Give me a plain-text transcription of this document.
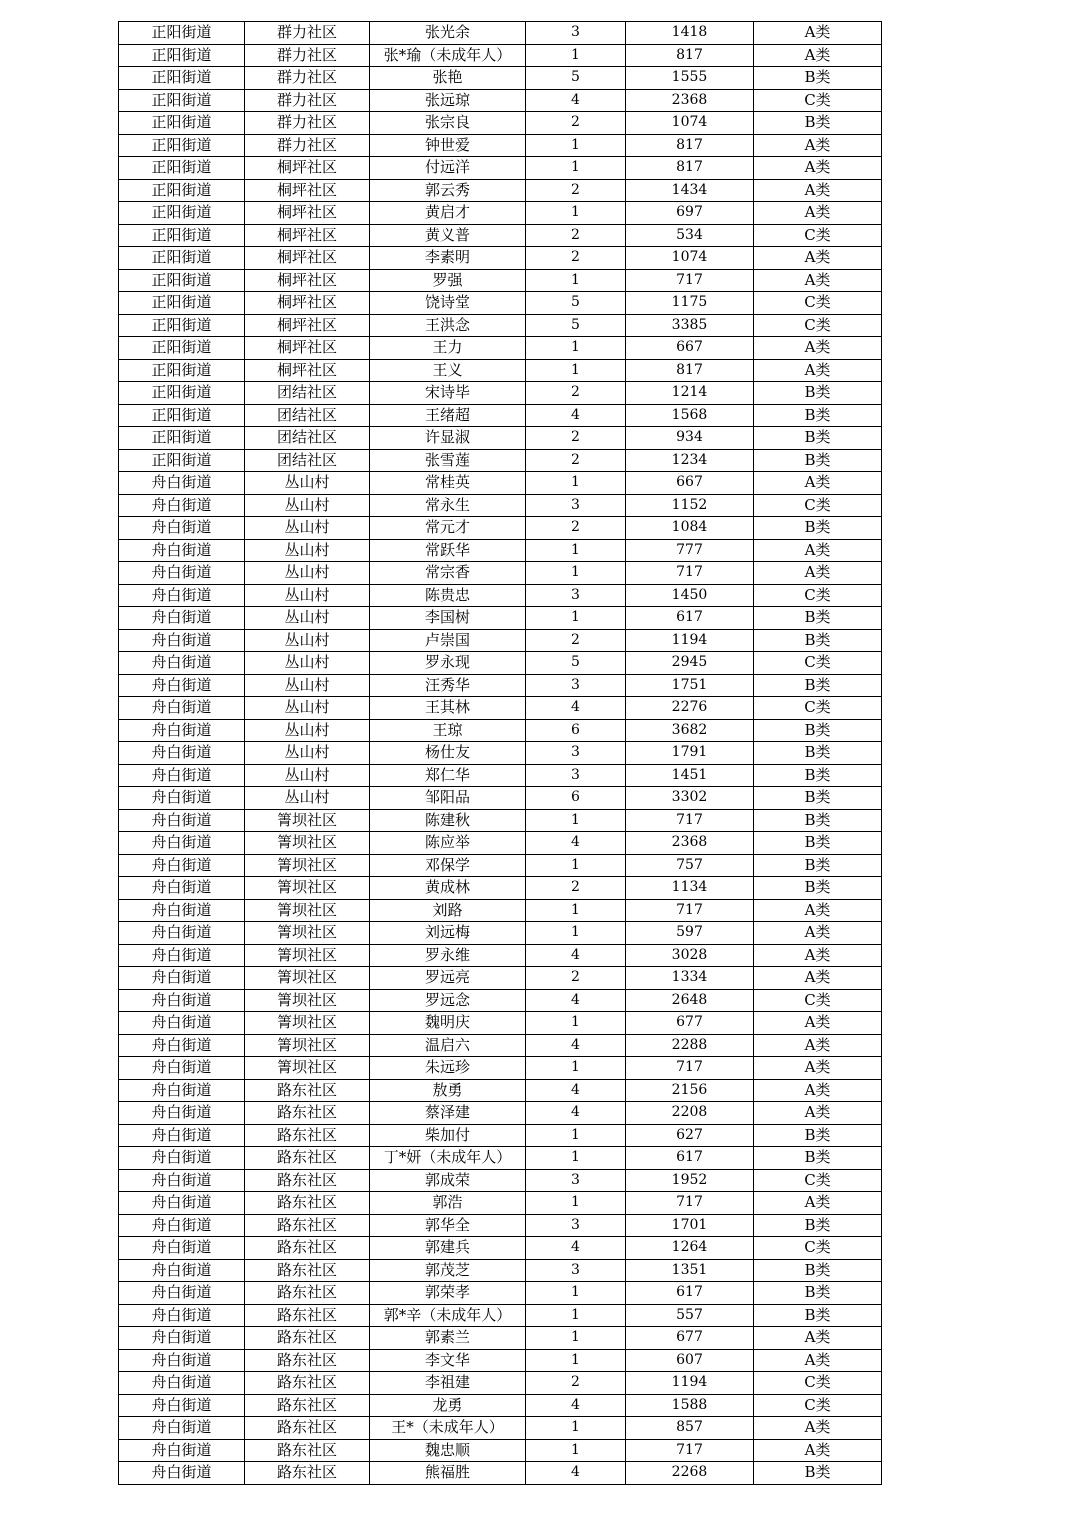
正阳街道	群力社区	张光余	3	1418	A类
正阳街道	群力社区	张*瑜（未成年人）	1	817	A类
正阳街道	群力社区	张艳	5	1555	B类
正阳街道	群力社区	张远琼	4	2368	C类
正阳街道	群力社区	张宗良	2	1074	B类
正阳街道	群力社区	钟世爱	1	817	A类
正阳街道	桐坪社区	付远洋	1	817	A类
正阳街道	桐坪社区	郭云秀	2	1434	A类
正阳街道	桐坪社区	黄启才	1	697	A类
正阳街道	桐坪社区	黄义普	2	534	C类
正阳街道	桐坪社区	李素明	2	1074	A类
正阳街道	桐坪社区	罗强	1	717	A类
正阳街道	桐坪社区	饶诗堂	5	1175	C类
正阳街道	桐坪社区	王洪念	5	3385	C类
正阳街道	桐坪社区	王力	1	667	A类
正阳街道	桐坪社区	王义	1	817	A类
正阳街道	团结社区	宋诗毕	2	1214	B类
正阳街道	团结社区	王绪超	4	1568	B类
正阳街道	团结社区	许显淑	2	934	B类
正阳街道	团结社区	张雪莲	2	1234	B类
舟白街道	丛山村	常桂英	1	667	A类
舟白街道	丛山村	常永生	3	1152	C类
舟白街道	丛山村	常元才	2	1084	B类
舟白街道	丛山村	常跃华	1	777	A类
舟白街道	丛山村	常宗香	1	717	A类
舟白街道	丛山村	陈贵忠	3	1450	C类
舟白街道	丛山村	李国树	1	617	B类
舟白街道	丛山村	卢崇国	2	1194	B类
舟白街道	丛山村	罗永现	5	2945	C类
舟白街道	丛山村	汪秀华	3	1751	B类
舟白街道	丛山村	王其林	4	2276	C类
舟白街道	丛山村	王琼	6	3682	B类
舟白街道	丛山村	杨仕友	3	1791	B类
舟白街道	丛山村	郑仁华	3	1451	B类
舟白街道	丛山村	邹阳品	6	3302	B类
舟白街道	箐坝社区	陈建秋	1	717	B类
舟白街道	箐坝社区	陈应举	4	2368	B类
舟白街道	箐坝社区	邓保学	1	757	B类
舟白街道	箐坝社区	黄成林	2	1134	B类
舟白街道	箐坝社区	刘路	1	717	A类
舟白街道	箐坝社区	刘远梅	1	597	A类
舟白街道	箐坝社区	罗永维	4	3028	A类
舟白街道	箐坝社区	罗远亮	2	1334	A类
舟白街道	箐坝社区	罗远念	4	2648	C类
舟白街道	箐坝社区	魏明庆	1	677	A类
舟白街道	箐坝社区	温启六	4	2288	A类
舟白街道	箐坝社区	朱远珍	1	717	A类
舟白街道	路东社区	敖勇	4	2156	A类
舟白街道	路东社区	蔡泽建	4	2208	A类
舟白街道	路东社区	柴加付	1	627	B类
舟白街道	路东社区	丁*妍（未成年人）	1	617	B类
舟白街道	路东社区	郭成荣	3	1952	C类
舟白街道	路东社区	郭浩	1	717	A类
舟白街道	路东社区	郭华全	3	1701	B类
舟白街道	路东社区	郭建兵	4	1264	C类
舟白街道	路东社区	郭茂芝	3	1351	B类
舟白街道	路东社区	郭荣孝	1	617	B类
舟白街道	路东社区	郭*辛（未成年人）	1	557	B类
舟白街道	路东社区	郭素兰	1	677	A类
舟白街道	路东社区	李文华	1	607	A类
舟白街道	路东社区	李祖建	2	1194	C类
舟白街道	路东社区	龙勇	4	1588	C类
舟白街道	路东社区	王*（未成年人）	1	857	A类
舟白街道	路东社区	魏忠顺	1	717	A类
舟白街道	路东社区	熊福胜	4	2268	B类
